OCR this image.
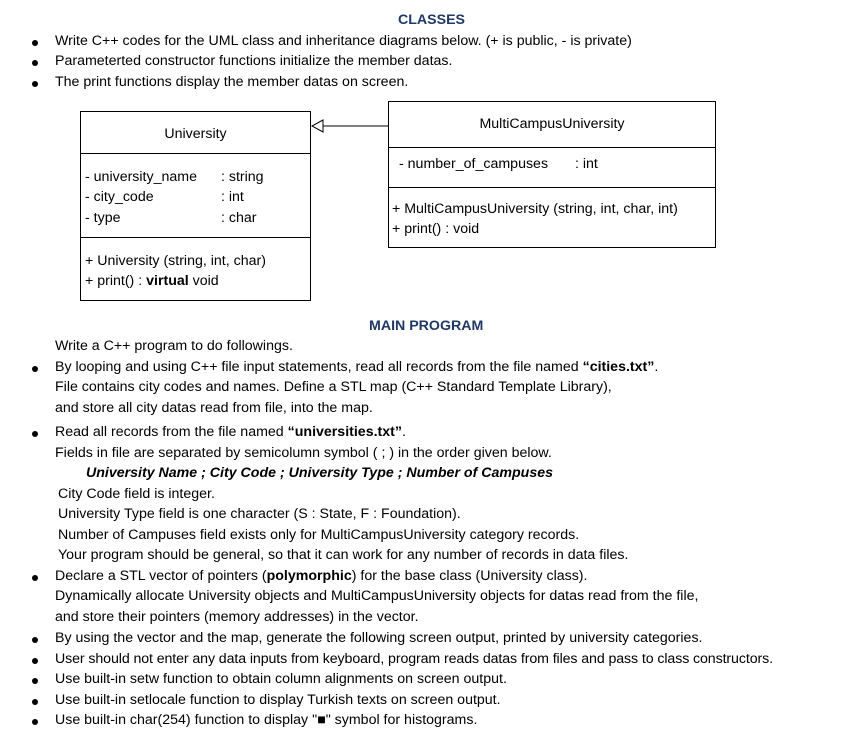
CLASSES
Write C++ codes for the UML class and inheritance diagrams below. (+ is public, - is private)
Parameterted constructor functions initialize the member datas.
The print functions display the member datas on screen.
University
- university_name
- city_code
- type
: string
: int
: char
+ University (string, int, char)
+ print() : virtual void
MultiCampusUniversity
- number_of_campuses : int
+ MultiCampusUniversity (string, int, char, int)
+ print() : void
MAIN PROGRAM
Write a C++ program to do followings.
By looping and using C++ file input statements, read all records from the file named “cities.txt”.
File contains city codes and names. Define a STL map (C++ Standard Template Library),
and store all city datas read from file, into the map.
Read all records from the file named “universities.txt”.
Fields in file are separated by semicolumn symbol ( ; ) in the order given below.
University Name ; City Code ; University Type ; Number of Campuses
City Code field is integer.
University Type field is one character (S : State, F : Foundation).
Number of Campuses field exists only for MultiCampusUniversity category records.
Your program should be general, so that it can work for any number of records in data files.
Declare a STL vector of pointers (polymorphic) for the base class (University class).
Dynamically allocate University objects and MultiCampusUniversity objects for datas read from the file,
and store their pointers (memory addresses) in the vector.
By using the vector and the map, generate the following screen output, printed by university categories.
User should not enter any data inputs from keyboard, program reads datas from files and pass to class constructors.
Use built-in setw function to obtain column alignments on screen output.
Use built-in setlocale function to display Turkish texts on screen output.
Use built-in char(254) function to display "■" symbol for histograms.
